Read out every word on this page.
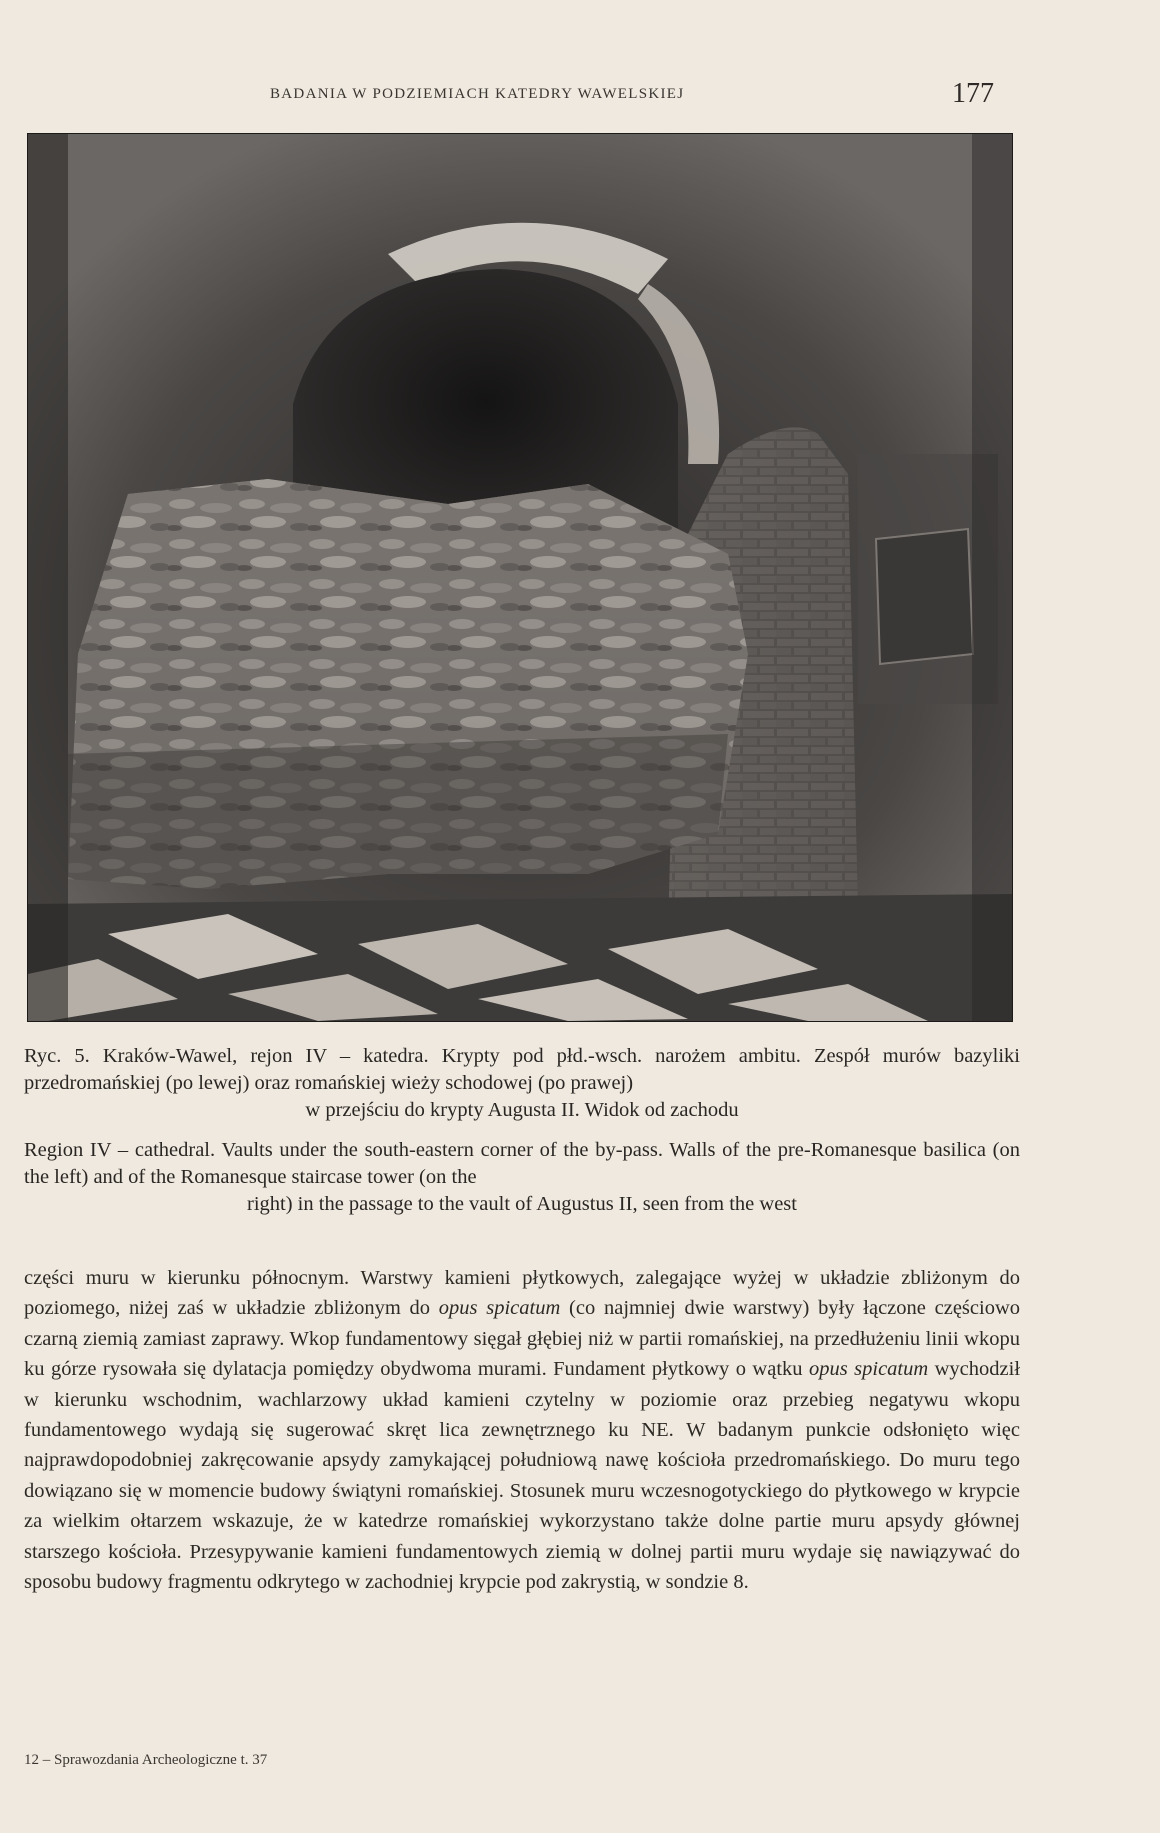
BADANIA W PODZIEMIACH KATEDRY WAWELSKIEJ	177
Ryc. 5. Kraków-Wawel, rejon IV – katedra. Krypty pod płd.-wsch. narożem ambitu. Zespół murów bazyliki przedromańskiej (po lewej) oraz romańskiej wieży schodowej (po prawej)
w przejściu do krypty Augusta II. Widok od zachodu
Region IV – cathedral. Vaults under the south-eastern corner of the by-pass. Walls of the pre-Romanesque basilica (on the left) and of the Romanesque staircase tower (on the
right) in the passage to the vault of Augustus II, seen from the west

części muru w kierunku północnym. Warstwy kamieni płytkowych, zalegające wyżej w układzie zbliżonym do poziomego, niżej zaś w układzie zbliżonym do opus spicatum (co najmniej dwie warstwy) były łączone częściowo czarną ziemią zamiast zaprawy. Wkop fundamentowy sięgał głębiej niż w partii romańskiej, na przedłużeniu linii wkopu ku górze rysowała się dylatacja pomiędzy obydwoma murami. Fundament płytkowy o wątku opus spicatum wychodził w kierunku wschodnim, wachlarzowy układ kamieni czytelny w poziomie oraz przebieg negatywu wkopu fundamentowego wydają się sugerować skręt lica zewnętrznego ku NE. W badanym punkcie odsłonięto więc najprawdopodobniej zakręcowanie apsydy zamykającej południową nawę kościoła przedromańskiego. Do muru tego dowiązano się w momencie budowy świątyni romańskiej. Stosunek muru wczesnogotyckiego do płytkowego w krypcie za wielkim ołtarzem wskazuje, że w katedrze romańskiej wykorzystano także dolne partie muru apsydy głównej starszego kościoła. Przesypywanie kamieni fundamentowych ziemią w dolnej partii muru wydaje się nawiązywać do sposobu budowy fragmentu odkrytego w zachodniej krypcie pod zakrystią, w sondzie 8.

12 – Sprawozdania Archeologiczne t. 37
